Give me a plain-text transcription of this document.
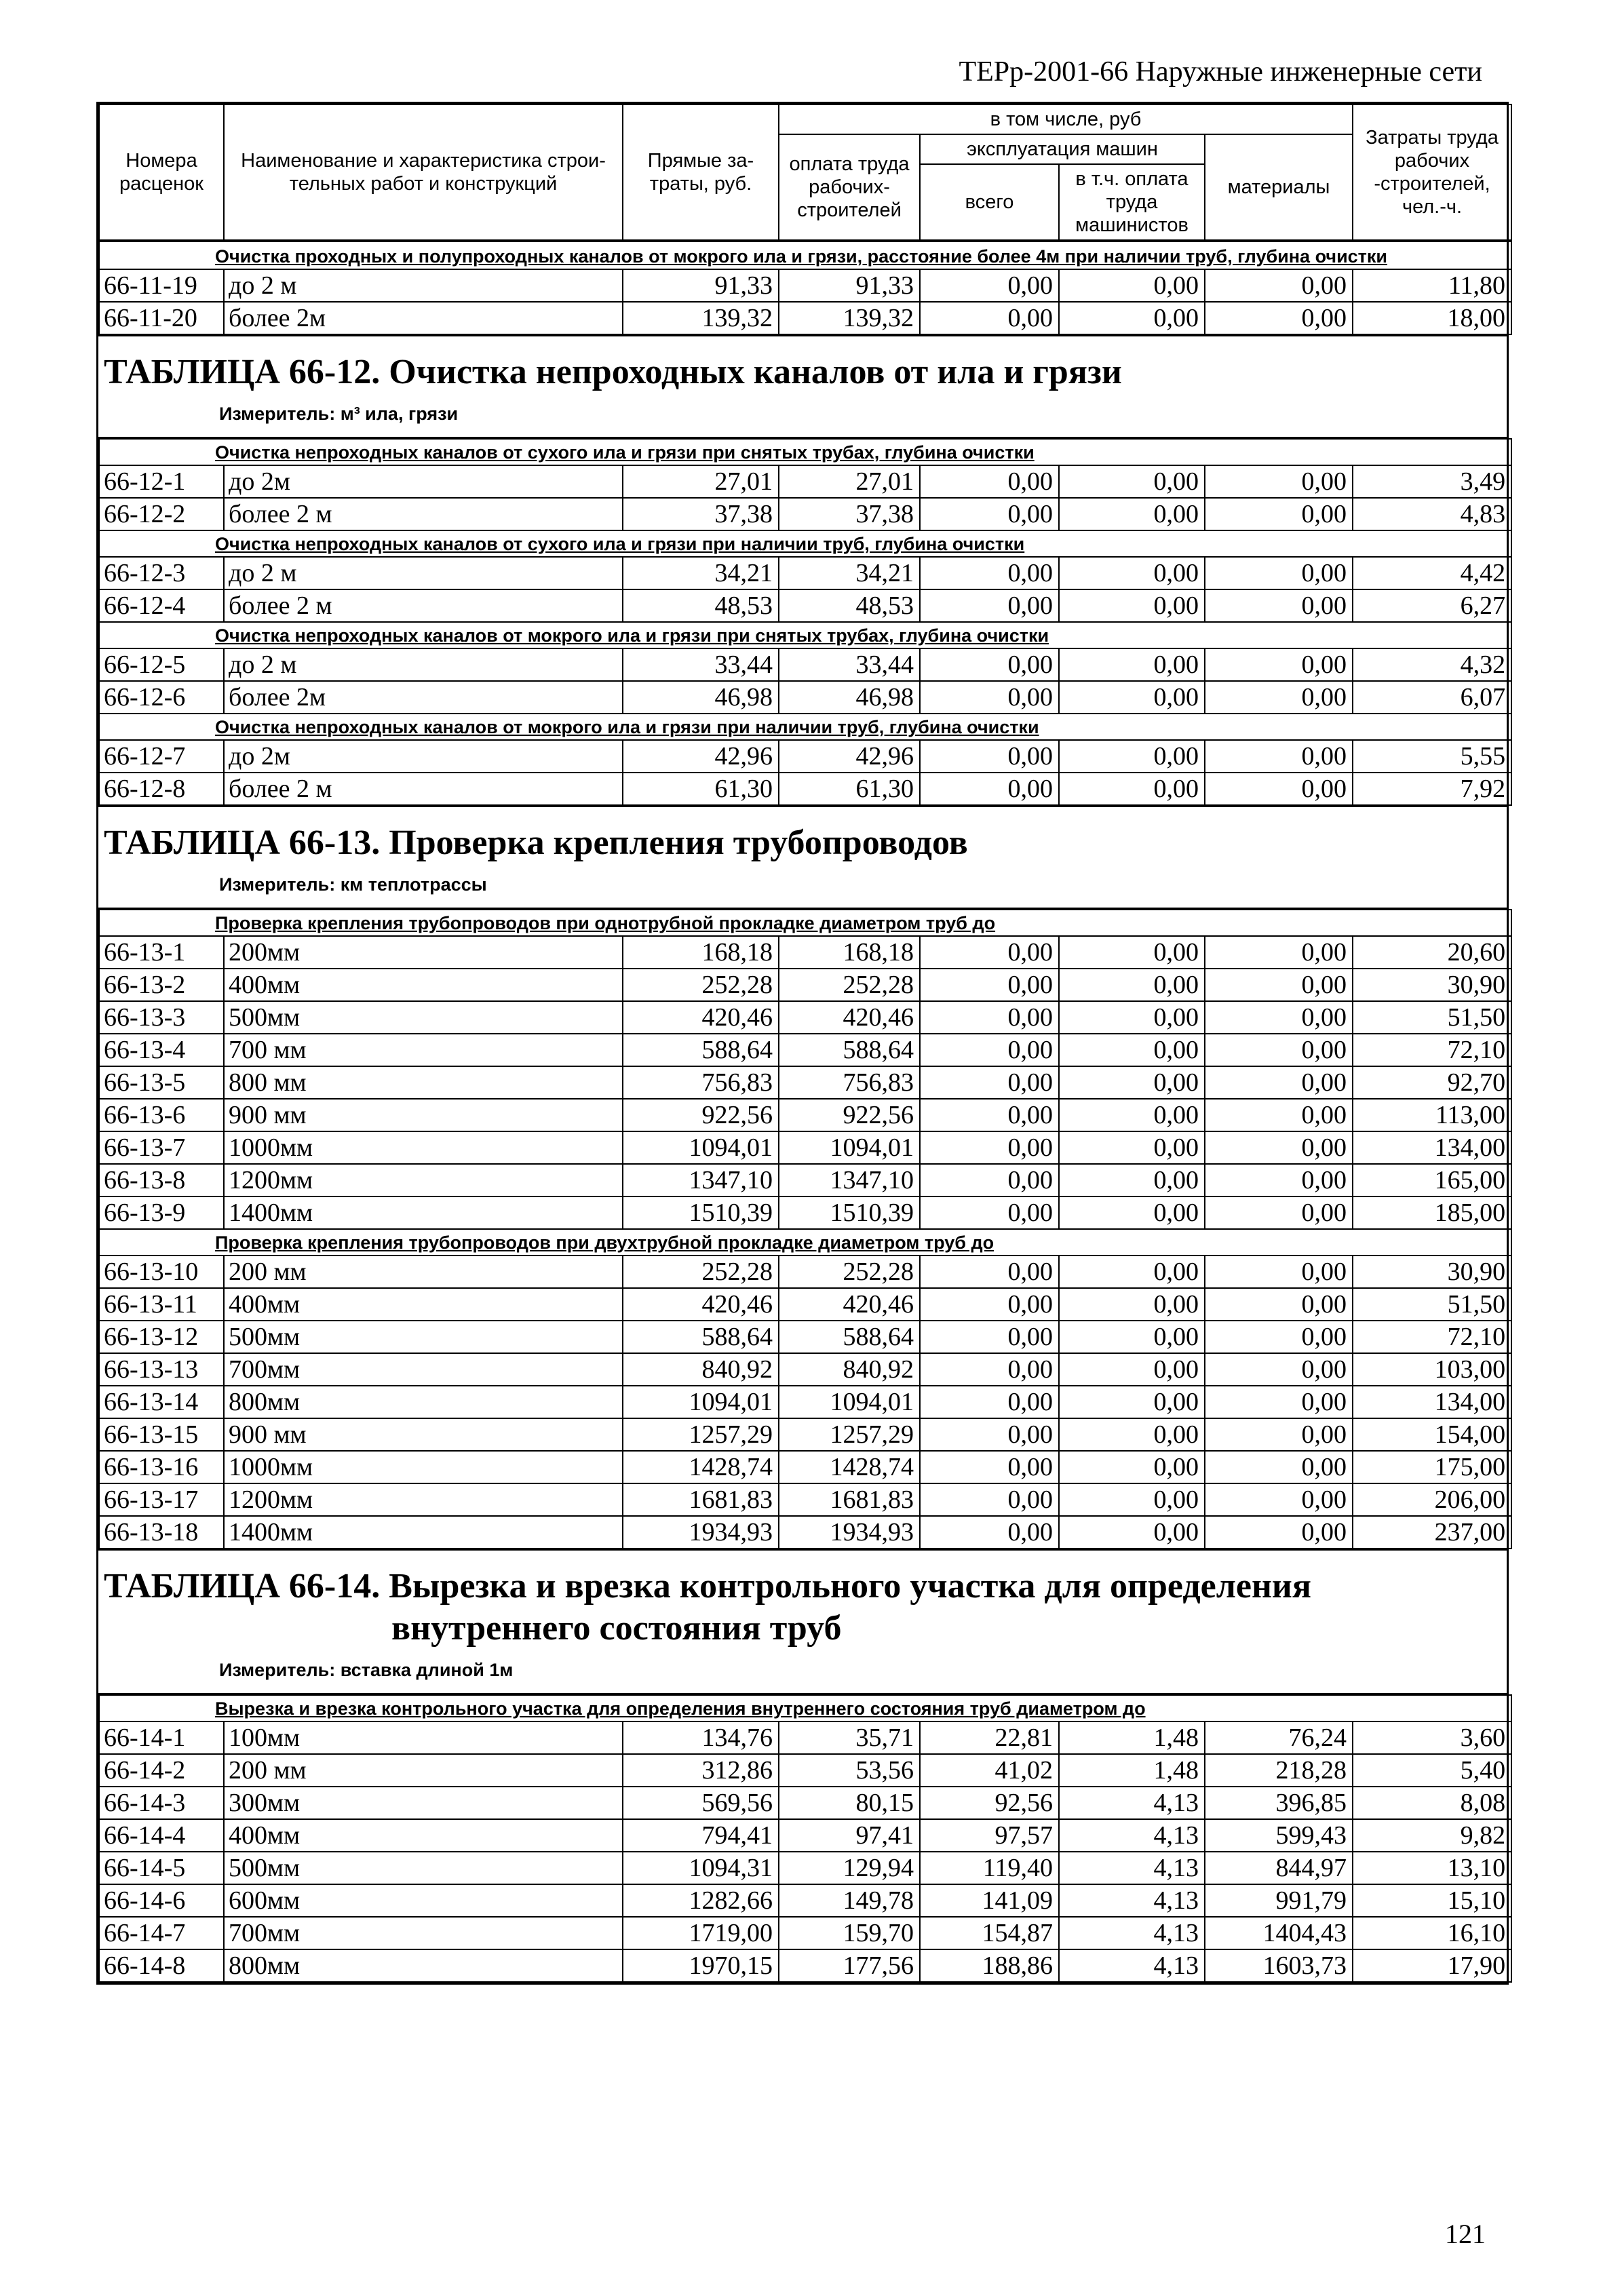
ТЕРр-2001-66 Наружные инженерные сети
Номера расценок	Наименование и характеристика строи-тельных работ и конструкций	Прямые за-траты, руб.	в том числе, руб				Затраты труда рабочих -строителей, чел.-ч.
			оплата труда рабочих-строителей	эксплуатация машин		материалы	
				всего	в т.ч. оплата труда машинистов		

Очистка проходных и полупроходных каналов от мокрого ила и грязи, расстояние более 4м при наличии труб, глубина очистки							
66-11-19	до 2 м	91,33	91,33	0,00	0,00	0,00	11,80
66-11-20	более 2м	139,32	139,32	0,00	0,00	0,00	18,00
ТАБЛИЦА 66-12. Очистка непроходных каналов от ила и грязи
Измеритель: м³ ила, грязи
Очистка непроходных каналов от сухого ила и грязи при снятых трубах, глубина очистки							
66-12-1	до 2м	27,01	27,01	0,00	0,00	0,00	3,49
66-12-2	более 2 м	37,38	37,38	0,00	0,00	0,00	4,83
Очистка непроходных каналов от сухого ила и грязи при наличии труб, глубина очистки							
66-12-3	до 2 м	34,21	34,21	0,00	0,00	0,00	4,42
66-12-4	более 2 м	48,53	48,53	0,00	0,00	0,00	6,27
Очистка непроходных каналов от мокрого ила и грязи при снятых трубах, глубина очистки							
66-12-5	до 2 м	33,44	33,44	0,00	0,00	0,00	4,32
66-12-6	более 2м	46,98	46,98	0,00	0,00	0,00	6,07
Очистка непроходных каналов от мокрого ила и грязи при наличии труб, глубина очистки							
66-12-7	до 2м	42,96	42,96	0,00	0,00	0,00	5,55
66-12-8	более 2 м	61,30	61,30	0,00	0,00	0,00	7,92
ТАБЛИЦА 66-13. Проверка крепления трубопроводов
Измеритель: км теплотрассы
Проверка крепления трубопроводов при однотрубной прокладке диаметром труб до							
66-13-1	200мм	168,18	168,18	0,00	0,00	0,00	20,60
66-13-2	400мм	252,28	252,28	0,00	0,00	0,00	30,90
66-13-3	500мм	420,46	420,46	0,00	0,00	0,00	51,50
66-13-4	700 мм	588,64	588,64	0,00	0,00	0,00	72,10
66-13-5	800 мм	756,83	756,83	0,00	0,00	0,00	92,70
66-13-6	900 мм	922,56	922,56	0,00	0,00	0,00	113,00
66-13-7	1000мм	1094,01	1094,01	0,00	0,00	0,00	134,00
66-13-8	1200мм	1347,10	1347,10	0,00	0,00	0,00	165,00
66-13-9	1400мм	1510,39	1510,39	0,00	0,00	0,00	185,00
Проверка крепления трубопроводов при двухтрубной прокладке диаметром труб до							
66-13-10	200 мм	252,28	252,28	0,00	0,00	0,00	30,90
66-13-11	400мм	420,46	420,46	0,00	0,00	0,00	51,50
66-13-12	500мм	588,64	588,64	0,00	0,00	0,00	72,10
66-13-13	700мм	840,92	840,92	0,00	0,00	0,00	103,00
66-13-14	800мм	1094,01	1094,01	0,00	0,00	0,00	134,00
66-13-15	900 мм	1257,29	1257,29	0,00	0,00	0,00	154,00
66-13-16	1000мм	1428,74	1428,74	0,00	0,00	0,00	175,00
66-13-17	1200мм	1681,83	1681,83	0,00	0,00	0,00	206,00
66-13-18	1400мм	1934,93	1934,93	0,00	0,00	0,00	237,00
ТАБЛИЦА 66-14. Вырезка и врезка контрольного участка для определения
внутреннего состояния труб
Измеритель: вставка длиной 1м
Вырезка и врезка контрольного участка для определения внутреннего состояния труб диаметром до							
66-14-1	100мм	134,76	35,71	22,81	1,48	76,24	3,60
66-14-2	200 мм	312,86	53,56	41,02	1,48	218,28	5,40
66-14-3	300мм	569,56	80,15	92,56	4,13	396,85	8,08
66-14-4	400мм	794,41	97,41	97,57	4,13	599,43	9,82
66-14-5	500мм	1094,31	129,94	119,40	4,13	844,97	13,10
66-14-6	600мм	1282,66	149,78	141,09	4,13	991,79	15,10
66-14-7	700мм	1719,00	159,70	154,87	4,13	1404,43	16,10
66-14-8	800мм	1970,15	177,56	188,86	4,13	1603,73	17,90
121
